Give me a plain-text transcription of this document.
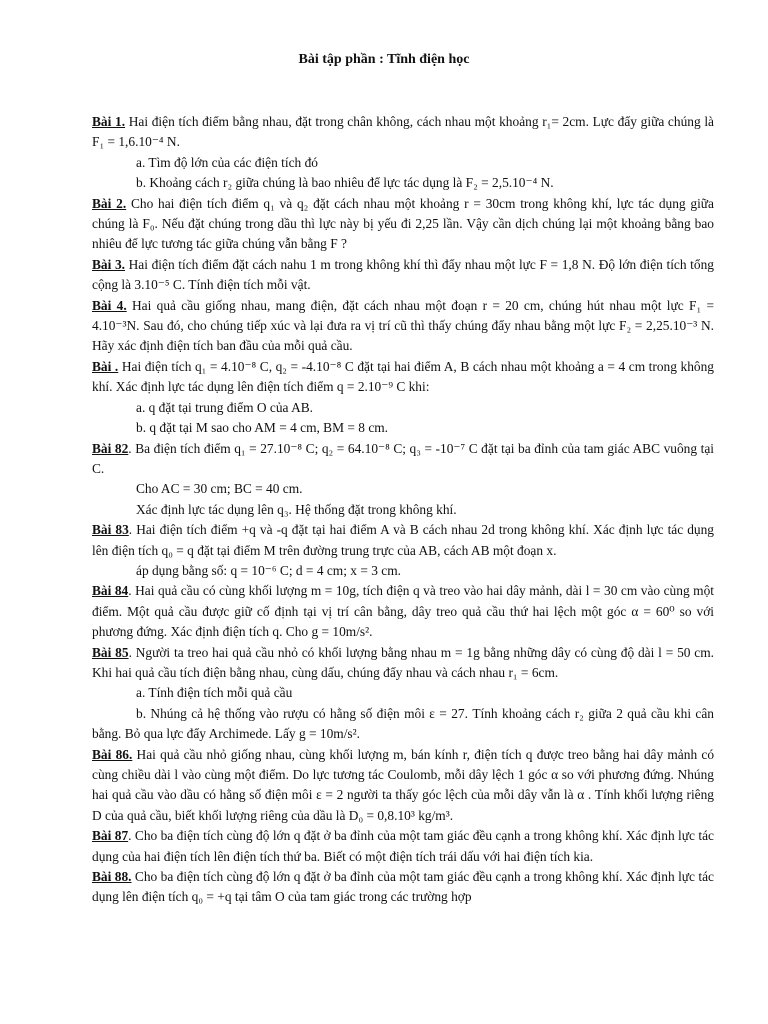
Bài tập phần : Tĩnh điện học

Bài 1. Hai điện tích điểm bằng nhau, đặt trong chân không, cách nhau một khoảng r₁= 2cm. Lực đẩy giữa chúng là F₁ = 1,6.10⁻⁴ N.

a. Tìm độ lớn của các điện tích đó

b. Khoảng cách r₂ giữa chúng là bao nhiêu để lực tác dụng là F₂ = 2,5.10⁻⁴ N.

Bài 2. Cho hai điện tích điểm q₁ và q₂ đặt cách nhau một khoảng r = 30cm trong không khí, lực tác dụng giữa chúng là F₀. Nếu đặt chúng trong dầu thì lực này bị yếu đi 2,25 lần. Vậy cần dịch chúng lại một khoảng bằng bao nhiêu để lực tương tác giữa chúng vẫn bằng F ?

Bài 3. Hai điện tích điểm đặt cách nahu 1 m trong không khí thì đẩy nhau một lực F = 1,8 N. Độ lớn điện tích tổng cộng là 3.10⁻⁵ C. Tính điện tích mỗi vật.

Bài 4. Hai quả cầu giống nhau, mang điện, đặt cách nhau một đoạn r = 20 cm, chúng hút nhau một lực F₁ = 4.10⁻³N. Sau đó, cho chúng tiếp xúc và lại đưa ra vị trí cũ thì thấy chúng đẩy nhau bằng một lực F₂ = 2,25.10⁻³ N. Hãy xác định điện tích ban đầu của mỗi quả cầu.

Bài . Hai điện tích q₁ = 4.10⁻⁸ C, q₂ = -4.10⁻⁸ C đặt tại hai điểm A, B cách nhau một khoảng a = 4 cm trong không khí. Xác định lực tác dụng lên điện tích điểm q = 2.10⁻⁹ C khi:

a. q đặt tại trung điểm O của AB.

b. q đặt tại M sao cho AM = 4 cm, BM = 8 cm.

Bài 82. Ba điện tích điểm q₁ = 27.10⁻⁸ C; q₂ = 64.10⁻⁸ C; q₃ = -10⁻⁷ C đặt tại ba đỉnh của tam giác ABC vuông tại C.

Cho AC = 30 cm; BC = 40 cm.

Xác định lực tác dụng lên q₃. Hệ thống đặt trong không khí.

Bài 83. Hai điện tích điểm +q và -q đặt tại hai điểm A và B cách nhau 2d trong không khí. Xác định lực tác dụng lên điện tích q₀ = q đặt tại điểm M trên đường trung trực của AB, cách AB một đoạn x.

áp dụng bằng số: q = 10⁻⁶ C; d = 4 cm; x = 3 cm.

Bài 84. Hai quả cầu có cùng khối lượng m = 10g, tích điện q và treo vào hai dây mảnh, dài l = 30 cm vào cùng một điểm. Một quả cầu được giữ cố định tại vị trí cân bằng, dây treo quả cầu thứ hai lệch một góc α = 60⁰ so với phương đứng. Xác định điện tích q. Cho g = 10m/s².

Bài 85. Người ta treo hai quả cầu nhỏ có khối lượng bằng nhau m = 1g bằng những dây có cùng độ dài l = 50 cm. Khi hai quả cầu tích điện bằng nhau, cùng dấu, chúng đẩy nhau và cách nhau r₁ = 6cm.

a. Tính điện tích mỗi quả cầu

b. Nhúng cả hệ thống vào rượu có hằng số điện môi ε = 27. Tính khoảng cách r₂ giữa 2 quả cầu khi cân bằng. Bỏ qua lực đẩy Archimede. Lấy g = 10m/s².

Bài 86. Hai quả cầu nhỏ giống nhau, cùng khối lượng m, bán kính r, điện tích q được treo bằng hai dây mảnh có cùng chiều dài l vào cùng một điểm. Do lực tương tác Coulomb, mỗi dây lệch 1 góc α so với phương đứng. Nhúng hai quả cầu vào dầu có hằng số điện môi ε = 2 người ta thấy góc lệch của mỗi dây vẫn là α . Tính khối lượng riêng D của quả cầu, biết khối lượng riêng của dầu là D₀ = 0,8.10³ kg/m³.

Bài 87. Cho ba điện tích cùng độ lớn q đặt ở ba đỉnh của một tam giác đều cạnh a trong không khí. Xác định lực tác dụng của hai điện tích lên điện tích thứ ba. Biết có một điện tích trái dấu với hai điện tích kia.

Bài 88. Cho ba điện tích cùng độ lớn q đặt ở ba đỉnh của một tam giác đều cạnh a trong không khí. Xác định lực tác dụng lên điện tích q₀ = +q tại tâm O của tam giác trong các trường hợp
